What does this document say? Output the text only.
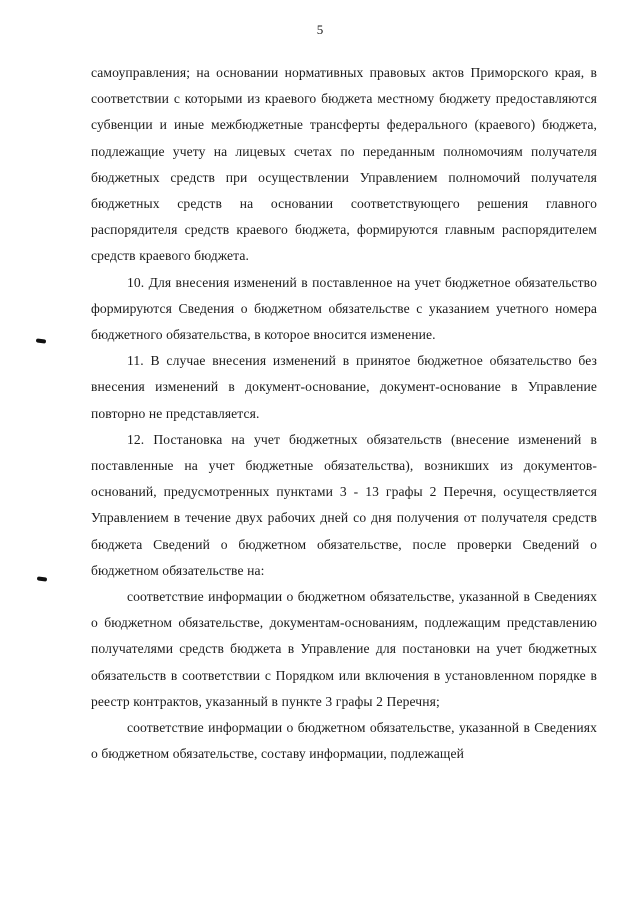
5

самоуправления; на основании нормативных правовых актов Приморского края, в соответствии с которыми из краевого бюджета местному бюджету предоставляются субвенции и иные межбюджетные трансферты федерального (краевого) бюджета, подлежащие учету на лицевых счетах по переданным полномочиям получателя бюджетных средств при осуществлении Управлением полномочий получателя бюджетных средств на основании соответствующего решения главного распорядителя средств краевого бюджета, формируются главным распорядителем средств краевого бюджета.

10. Для внесения изменений в поставленное на учет бюджетное обязательство формируются Сведения о бюджетном обязательстве с указанием учетного номера бюджетного обязательства, в которое вносится изменение.

11. В случае внесения изменений в принятое бюджетное обязательство без внесения изменений в документ-основание, документ-основание в Управление повторно не представляется.

12. Постановка на учет бюджетных обязательств (внесение изменений в поставленные на учет бюджетные обязательства), возникших из документов-оснований, предусмотренных пунктами 3 - 13 графы 2 Перечня, осуществляется Управлением в течение двух рабочих дней со дня получения от получателя средств бюджета Сведений о бюджетном обязательстве, после проверки Сведений о бюджетном обязательстве на:

соответствие информации о бюджетном обязательстве, указанной в Сведениях о бюджетном обязательстве, документам-основаниям, подлежащим представлению получателями средств бюджета в Управление для постановки на учет бюджетных обязательств в соответствии с Порядком или включения в установленном порядке в реестр контрактов, указанный в пункте 3 графы 2 Перечня;

соответствие информации о бюджетном обязательстве, указанной в Сведениях о бюджетном обязательстве, составу информации, подлежащей
